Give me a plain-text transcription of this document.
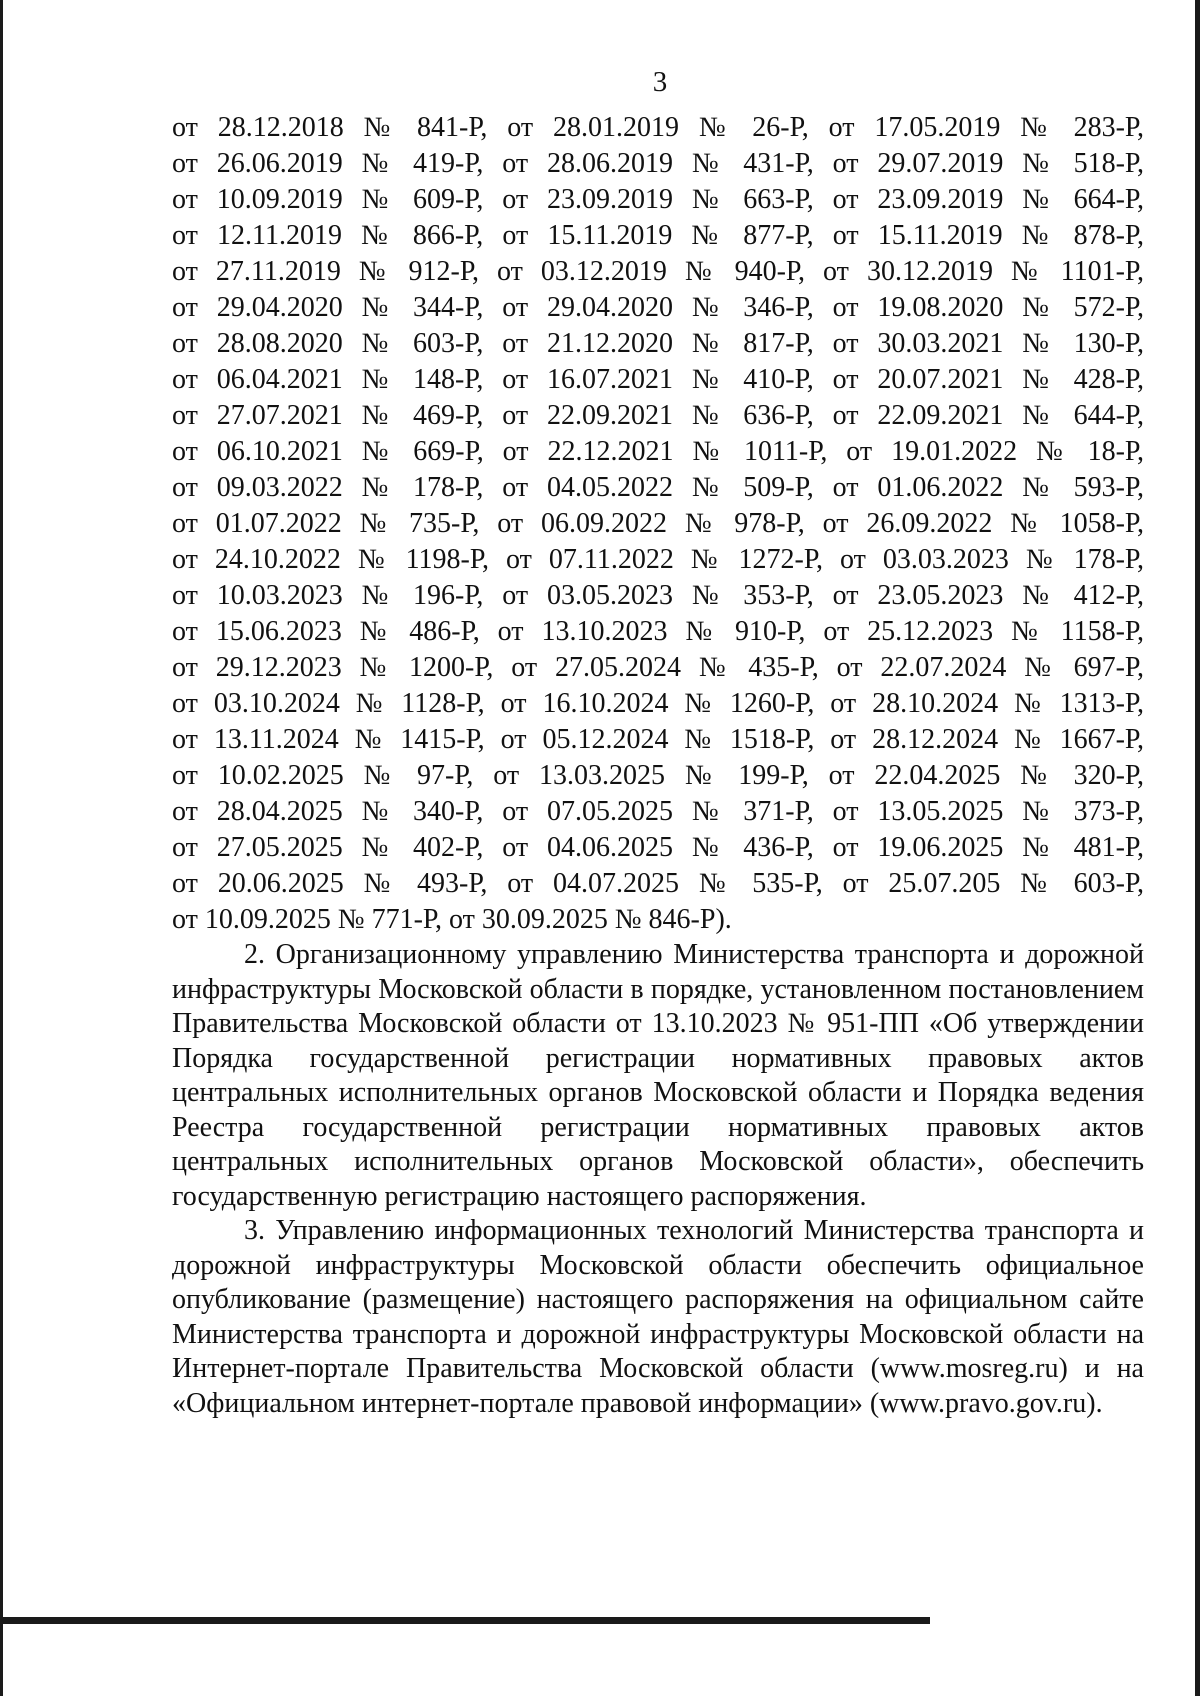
3
от 28.12.2018 № 841-Р, от 28.01.2019 № 26-Р, от 17.05.2019 № 283-Р,
от 26.06.2019 № 419-Р, от 28.06.2019 № 431-Р, от 29.07.2019 № 518-Р,
от 10.09.2019 № 609-Р, от 23.09.2019 № 663-Р, от 23.09.2019 № 664-Р,
от 12.11.2019 № 866-Р, от 15.11.2019 № 877-Р, от 15.11.2019 № 878-Р,
от 27.11.2019 № 912-Р, от 03.12.2019 № 940-Р, от 30.12.2019 № 1101-Р,
от 29.04.2020 № 344-Р, от 29.04.2020 № 346-Р, от 19.08.2020 № 572-Р,
от 28.08.2020 № 603-Р, от 21.12.2020 № 817-Р, от 30.03.2021 № 130-Р,
от 06.04.2021 № 148-Р, от 16.07.2021 № 410-Р, от 20.07.2021 № 428-Р,
от 27.07.2021 № 469-Р, от 22.09.2021 № 636-Р, от 22.09.2021 № 644-Р,
от 06.10.2021 № 669-Р, от 22.12.2021 № 1011-Р, от 19.01.2022 № 18-Р,
от 09.03.2022 № 178-Р, от 04.05.2022 № 509-Р, от 01.06.2022 № 593-Р,
от 01.07.2022 № 735-Р, от 06.09.2022 № 978-Р, от 26.09.2022 № 1058-Р,
от 24.10.2022 № 1198-Р, от 07.11.2022 № 1272-Р, от 03.03.2023 № 178-Р,
от 10.03.2023 № 196-Р, от 03.05.2023 № 353-Р, от 23.05.2023 № 412-Р,
от 15.06.2023 № 486-Р, от 13.10.2023 № 910-Р, от 25.12.2023 № 1158-Р,
от 29.12.2023 № 1200-Р, от 27.05.2024 № 435-Р, от 22.07.2024 № 697-Р,
от 03.10.2024 № 1128-Р, от 16.10.2024 № 1260-Р, от 28.10.2024 № 1313-Р,
от 13.11.2024 № 1415-Р, от 05.12.2024 № 1518-Р, от 28.12.2024 № 1667-Р,
от 10.02.2025 № 97-Р, от 13.03.2025 № 199-Р, от 22.04.2025 № 320-Р,
от 28.04.2025 № 340-Р, от 07.05.2025 № 371-Р, от 13.05.2025 № 373-Р,
от 27.05.2025 № 402-Р, от 04.06.2025 № 436-Р, от 19.06.2025 № 481-Р,
от 20.06.2025 № 493-Р, от 04.07.2025 № 535-Р, от 25.07.205 № 603-Р,
от 10.09.2025 № 771-Р, от 30.09.2025 № 846-Р).

2. Организационному управлению Министерства транспорта и дорожной инфраструктуры Московской области в порядке, установленном постановлением Правительства Московской области от 13.10.2023 № 951-ПП «Об утверждении Порядка государственной регистрации нормативных правовых актов центральных исполнительных органов Московской области и Порядка ведения Реестра государственной регистрации нормативных правовых актов центральных исполнительных органов Московской области», обеспечить государственную регистрацию настоящего распоряжения.

3. Управлению информационных технологий Министерства транспорта и дорожной инфраструктуры Московской области обеспечить официальное опубликование (размещение) настоящего распоряжения на официальном сайте Министерства транспорта и дорожной инфраструктуры Московской области на Интернет-портале Правительства Московской области (www.mosreg.ru) и на «Официальном интернет-портале правовой информации» (www.pravo.gov.ru).
